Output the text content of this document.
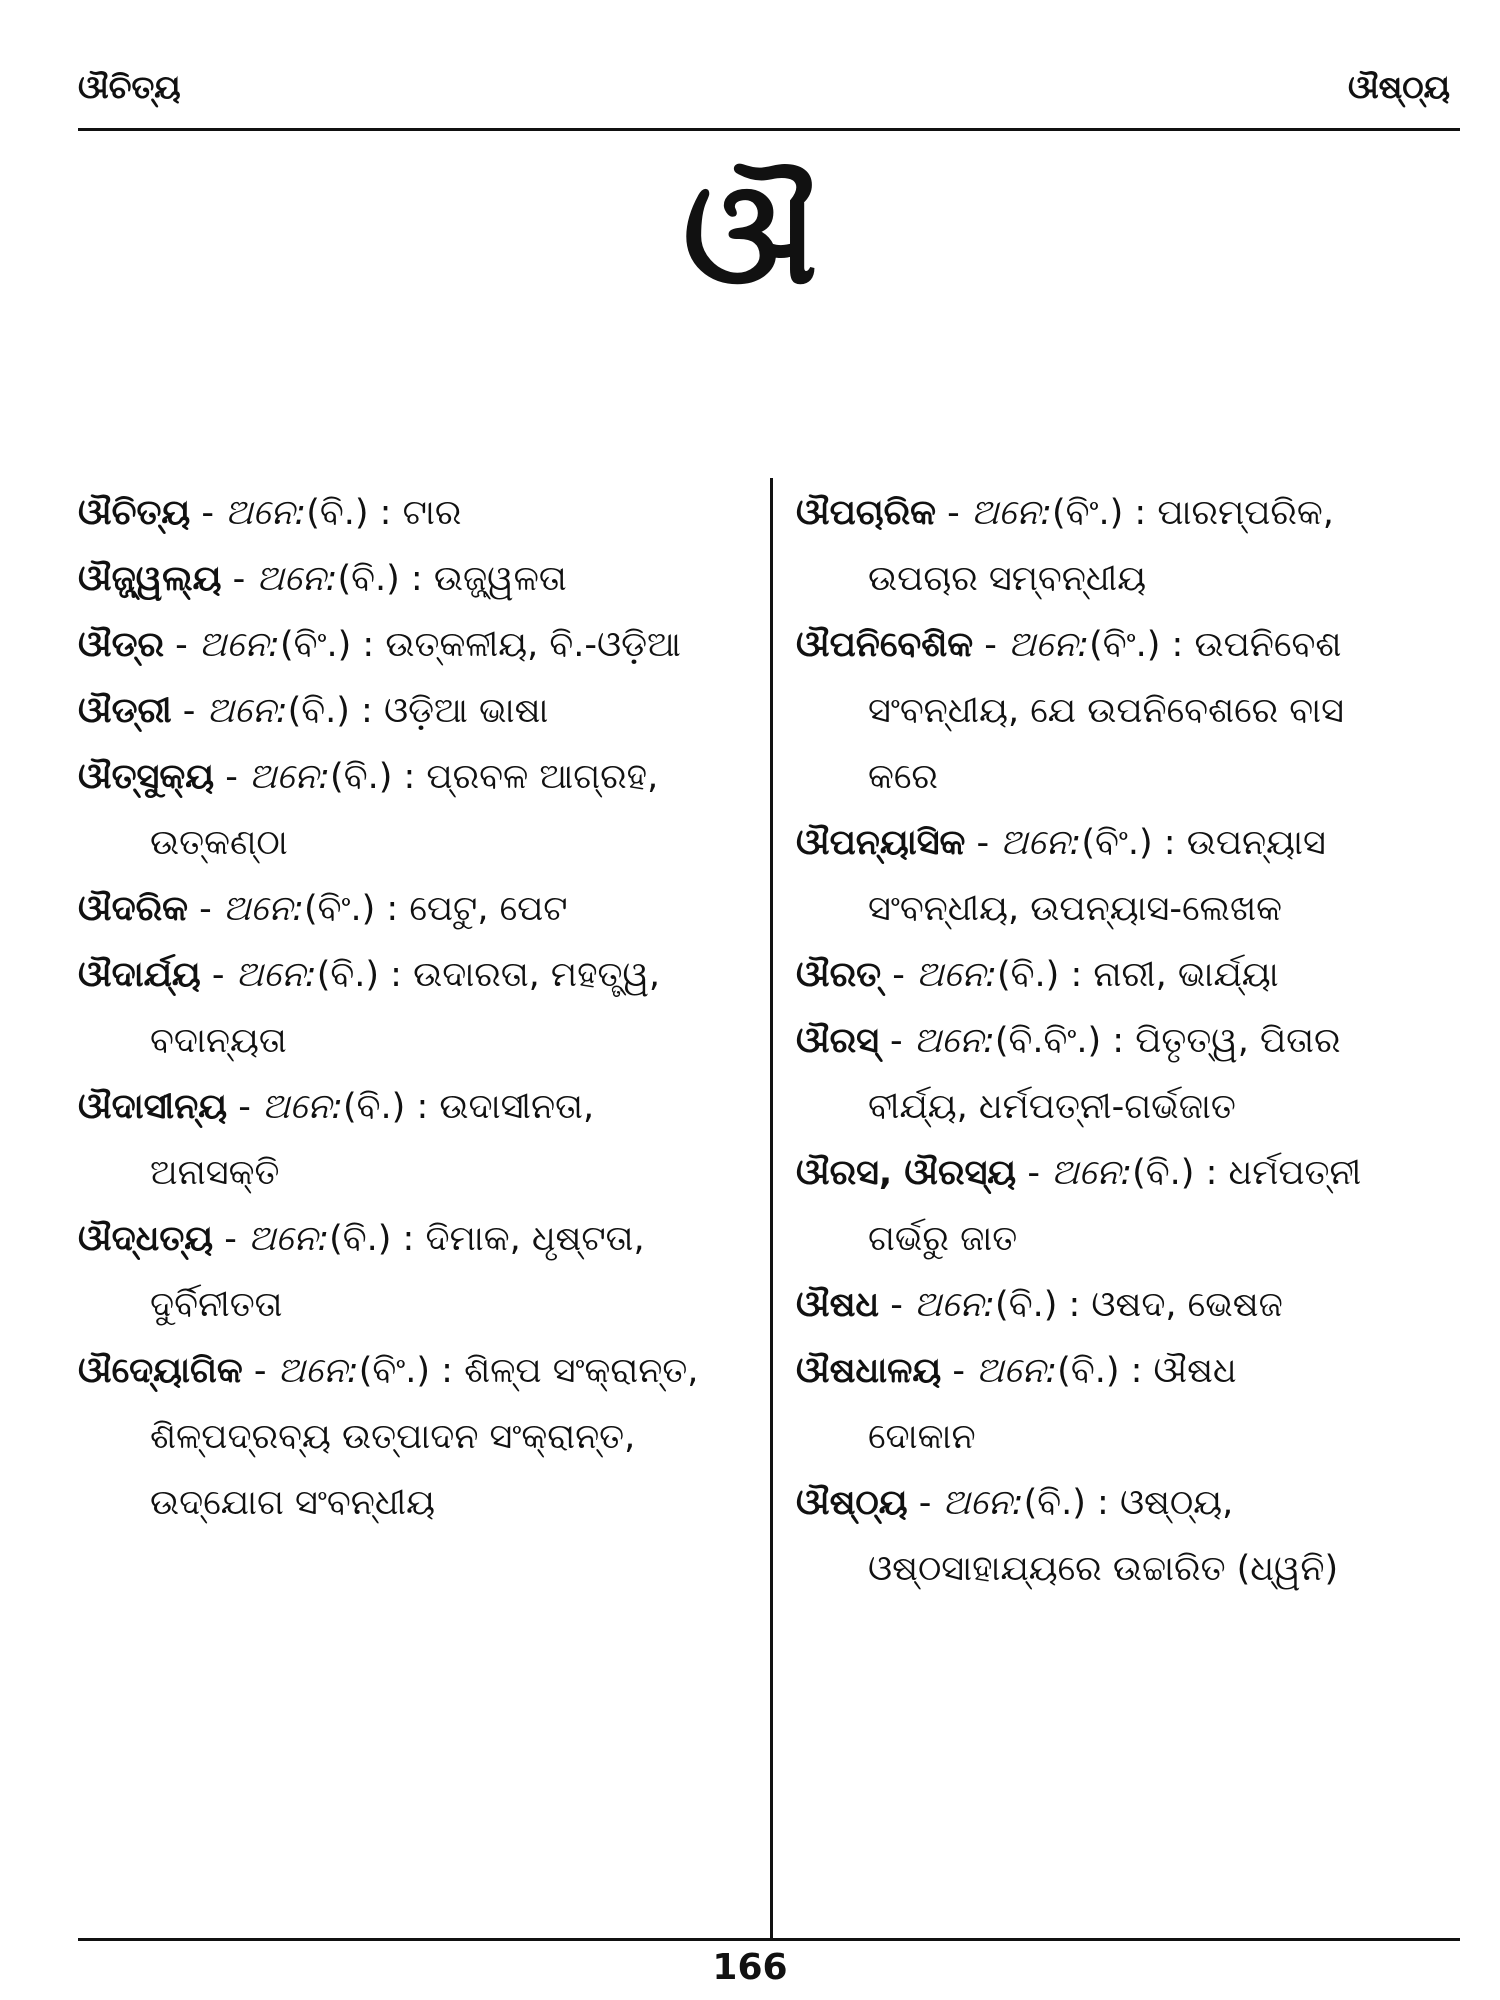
ଔଚିତ୍ୟ	ଔଷ୍ଠ୍ୟ
ଔ
ଔଚିତ୍ୟ - ଅନେ:(ବି.) : ଟାର
ଔଜ୍ଜ୍ୱଲ୍ୟ - ଅନେ:(ବି.) : ଉଜ୍ଜ୍ୱଳତା
ଔଡ୍ର - ଅନେ:(ବିଂ.) : ଉତ୍କଳୀୟ, ବି.-ଓଡ଼ିଆ
ଔଡ୍ରୀ - ଅନେ:(ବି.) : ଓଡ଼ିଆ ଭାଷା
ଔତ୍ସୁକ୍ୟ - ଅନେ:(ବି.) : ପ୍ରବଳ ଆଗ୍ରହ,
ଉତ୍କଣ୍ଠା
ଔଦରିକ - ଅନେ:(ବିଂ.) : ପେଟୁ, ପେଟ
ଔଦାର୍ଯ୍ୟ - ଅନେ:(ବି.) : ଉଦାରତା, ମହତ୍ତ୍ୱ,
ବଦାନ୍ୟତା
ଔଦାସୀନ୍ୟ - ଅନେ:(ବି.) : ଉଦାସୀନତା,
ଅନାସକ୍ତି
ଔଦ୍ଧତ୍ୟ - ଅନେ:(ବି.) : ଦିମାକ, ଧୃଷ୍ଟତା,
ଦୁର୍ବିନୀତତା
ଔଦ୍ୟୋଗିକ - ଅନେ:(ବିଂ.) : ଶିଳ୍ପ ସଂକ୍ରାନ୍ତ,
ଶିଳ୍ପଦ୍ରବ୍ୟ ଉତ୍ପାଦନ ସଂକ୍ରାନ୍ତ,
ଉଦ୍‌ଯୋଗ ସଂବନ୍ଧୀୟ
ଔପଚାରିକ - ଅନେ:(ବିଂ.) : ପାରମ୍ପରିକ,
ଉପଚାର ସମ୍ବନ୍ଧୀୟ
ଔପନିବେଶିକ - ଅନେ:(ବିଂ.) : ଉପନିବେଶ
ସଂବନ୍ଧୀୟ, ଯେ ଉପନିବେଶରେ ବାସ
କରେ
ଔପନ୍ୟାସିକ - ଅନେ:(ବିଂ.) : ଉପନ୍ୟାସ
ସଂବନ୍ଧୀୟ, ଉପନ୍ୟାସ-ଲେଖକ
ଔରତ୍ - ଅନେ:(ବି.) : ନାରୀ, ଭାର୍ଯ୍ୟା
ଔରସ୍ - ଅନେ:(ବି.ବିଂ.) : ପିତୃତ୍ୱ, ପିତାର
ବୀର୍ଯ୍ୟ, ଧର୍ମପତ୍ନୀ-ଗର୍ଭଜାତ
ଔରସ, ଔରସ୍ୟ - ଅନେ:(ବି.) : ଧର୍ମପତ୍ନୀ
ଗର୍ଭରୁ ଜାତ
ଔଷଧ - ଅନେ:(ବି.) : ଓଷଦ, ଭେଷଜ
ଔଷଧାଳୟ - ଅନେ:(ବି.) : ଔଷଧ
ଦୋକାନ
ଔଷ୍ଠ୍ୟ - ଅନେ:(ବି.) : ଓଷ୍ଠ୍ୟ,
ଓଷ୍ଠସାହାଯ୍ୟରେ ଉଚ୍ଚାରିତ (ଧ୍ୱନି)
166
